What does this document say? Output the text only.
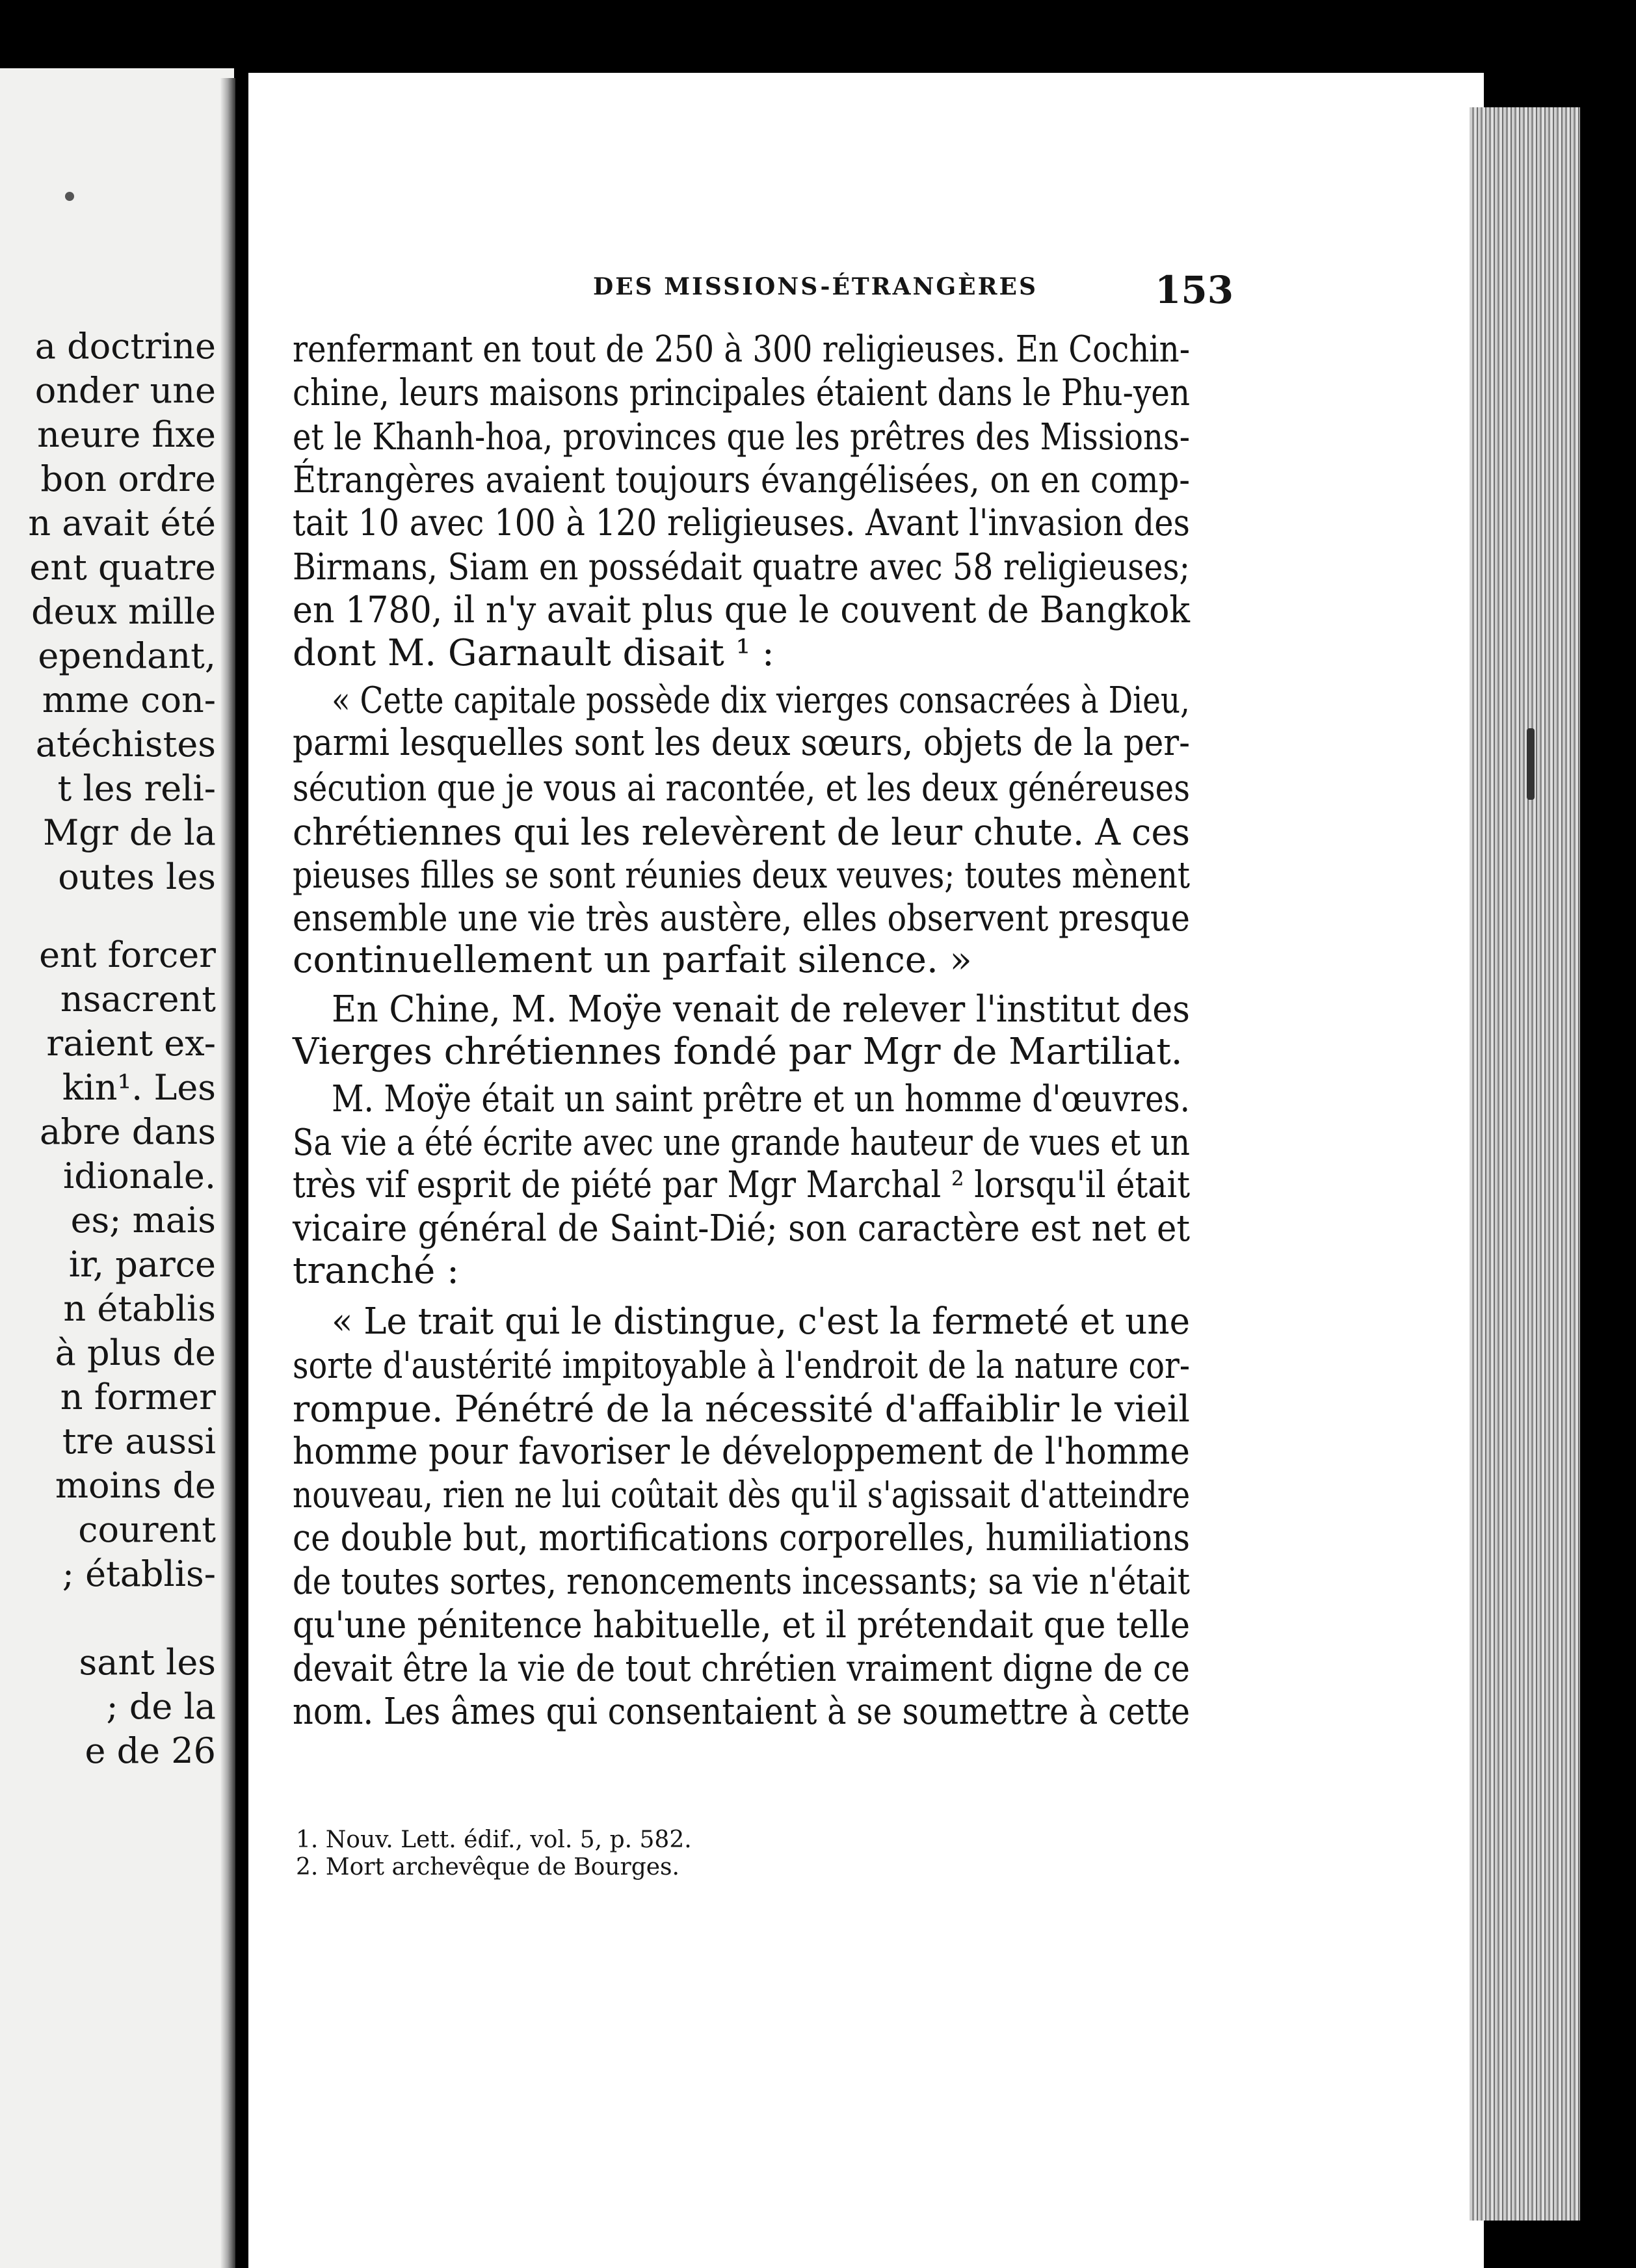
a doctrine
onder une
neure fixe
bon ordre
n avait été
ent quatre
deux mille
ependant,
mme con-
atéchistes
t les reli-
Mgr de la
outes les
ent forcer
nsacrent
raient ex-
kin¹. Les
abre dans
idionale.
es; mais
ir, parce
n établis
à plus de
n former
tre aussi
moins de
courent
; établis-
sant les
; de la
e de 26
DES MISSIONS-ÉTRANGÈRES	153
renfermant en tout de 250 à 300 religieuses. En Cochin-
chine, leurs maisons principales étaient dans le Phu-yen
et le Khanh-hoa, provinces que les prêtres des Missions-
Étrangères avaient toujours évangélisées, on en comp-
tait 10 avec 100 à 120 religieuses. Avant l'invasion des
Birmans, Siam en possédait quatre avec 58 religieuses;
en 1780, il n'y avait plus que le couvent de Bangkok
dont M. Garnault disait ¹ :
« Cette capitale possède dix vierges consacrées à Dieu,
parmi lesquelles sont les deux sœurs, objets de la per-
sécution que je vous ai racontée, et les deux généreuses
chrétiennes qui les relevèrent de leur chute. A ces
pieuses filles se sont réunies deux veuves; toutes mènent
ensemble une vie très austère, elles observent presque
continuellement un parfait silence. »
En Chine, M. Moÿe venait de relever l'institut des
Vierges chrétiennes fondé par Mgr de Martiliat.
M. Moÿe était un saint prêtre et un homme d'œuvres.
Sa vie a été écrite avec une grande hauteur de vues et un
très vif esprit de piété par Mgr Marchal ² lorsqu'il était
vicaire général de Saint-Dié; son caractère est net et
tranché :
« Le trait qui le distingue, c'est la fermeté et une
sorte d'austérité impitoyable à l'endroit de la nature cor-
rompue. Pénétré de la nécessité d'affaiblir le vieil
homme pour favoriser le développement de l'homme
nouveau, rien ne lui coûtait dès qu'il s'agissait d'atteindre
ce double but, mortifications corporelles, humiliations
de toutes sortes, renoncements incessants; sa vie n'était
qu'une pénitence habituelle, et il prétendait que telle
devait être la vie de tout chrétien vraiment digne de ce
nom. Les âmes qui consentaient à se soumettre à cette
1. Nouv. Lett. édif., vol. 5, p. 582.
2. Mort archevêque de Bourges.
